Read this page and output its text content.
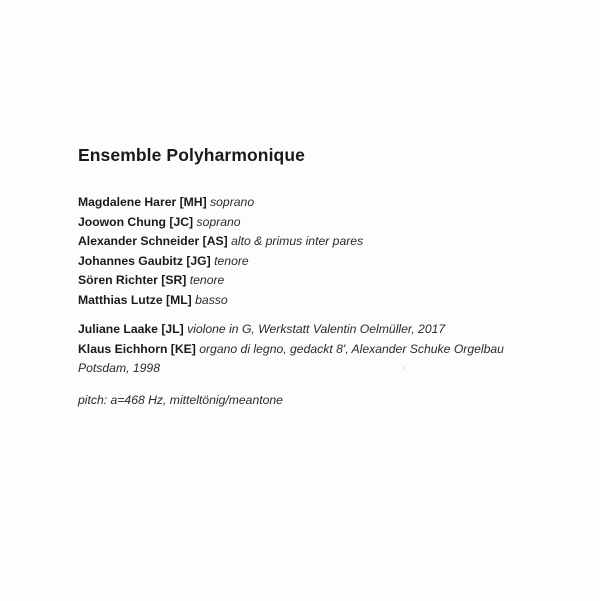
Ensemble Polyharmonique
Magdalene Harer [MH] soprano
Joowon Chung [JC] soprano
Alexander Schneider [AS] alto & primus inter pares
Johannes Gaubitz [JG] tenore
Sören Richter [SR] tenore
Matthias Lutze [ML] basso
Juliane Laake [JL] violone in G, Werkstatt Valentin Oelmüller, 2017
Klaus Eichhorn [KE] organo di legno, gedackt 8', Alexander Schuke Orgelbau
Potsdam, 1998
pitch: a=468 Hz, mitteltönig/meantone
